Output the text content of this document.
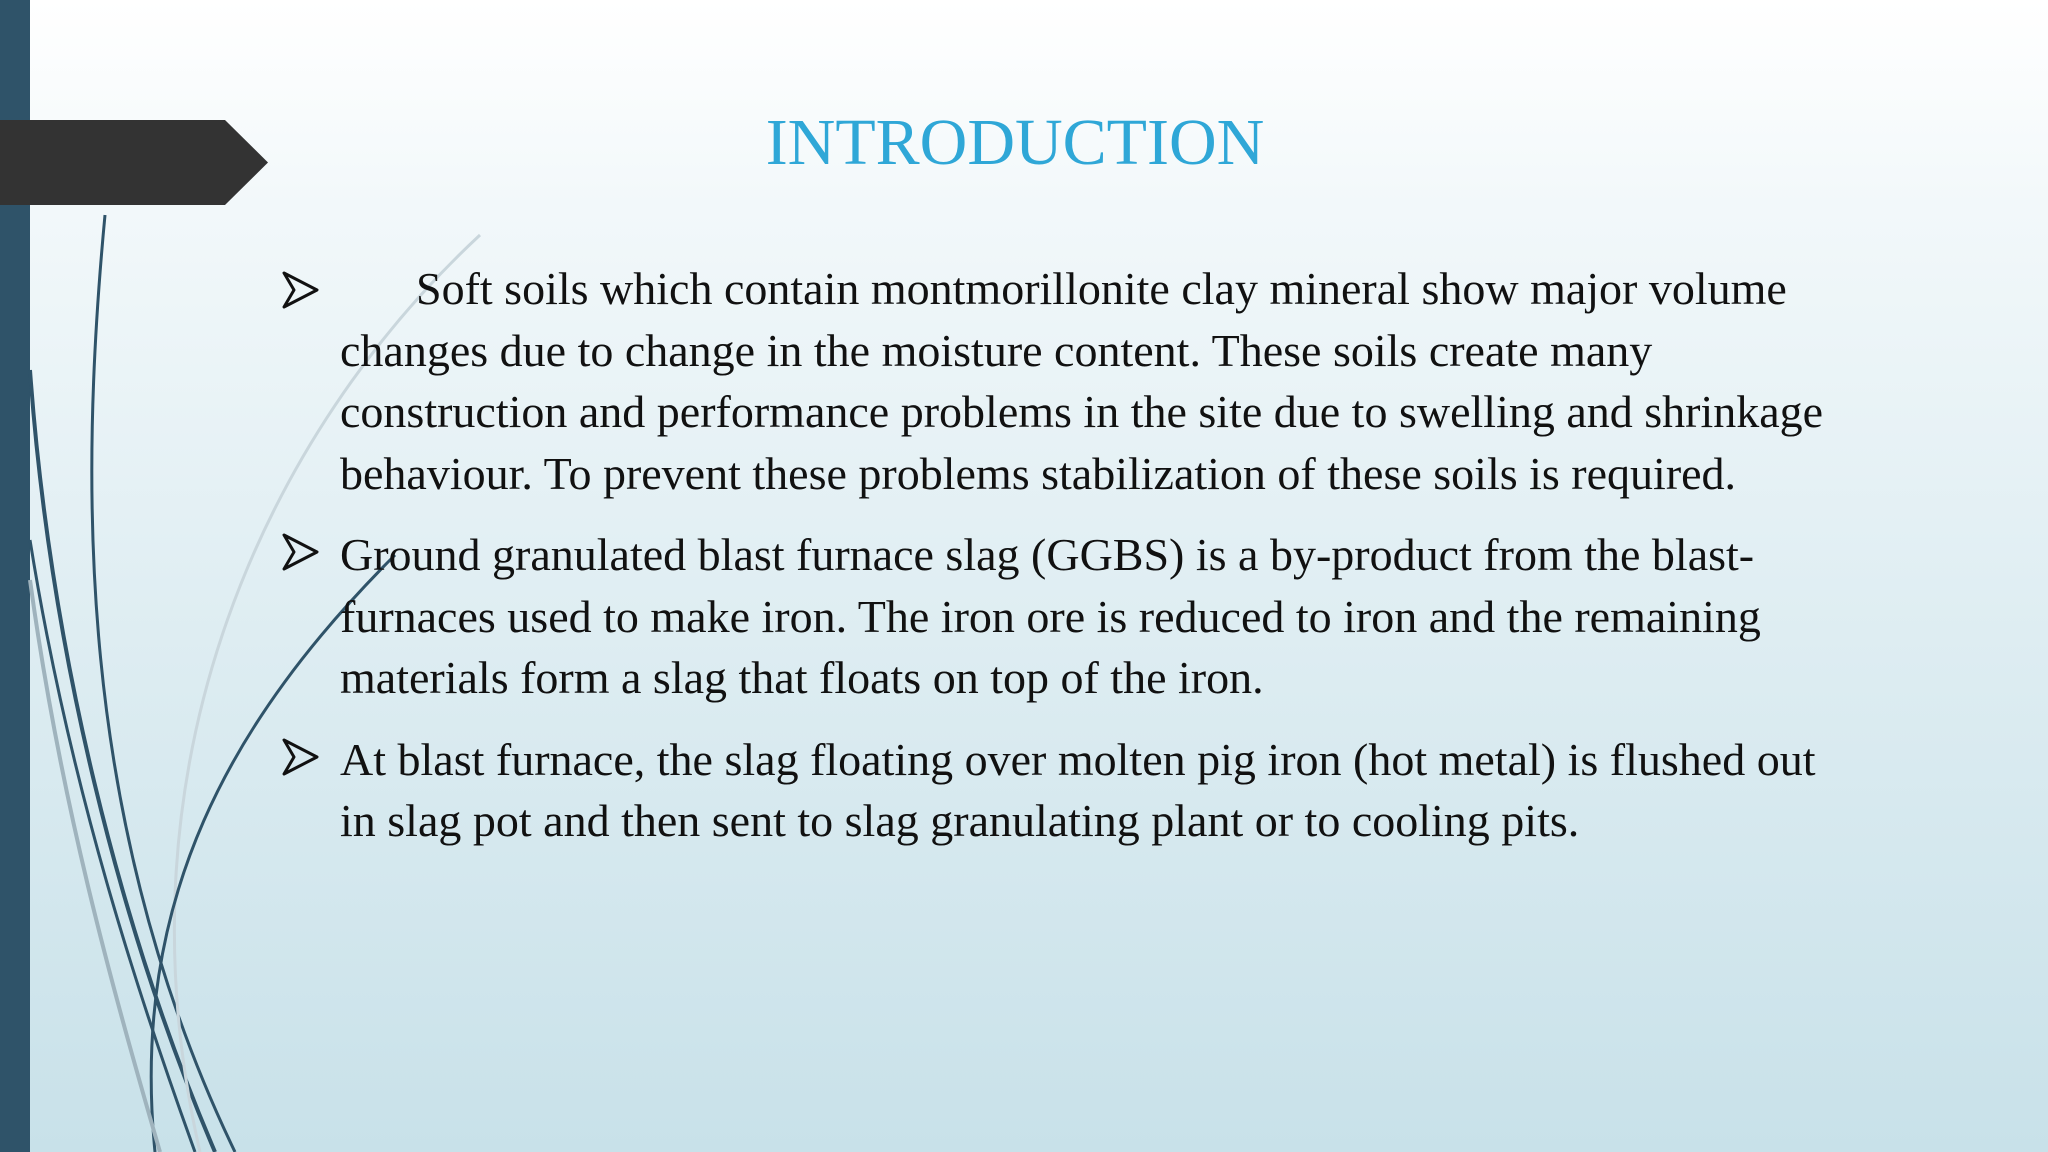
INTRODUCTION
Soft soils which contain montmorillonite clay mineral show major volume changes due to change in the moisture content. These soils create many construction and performance problems in the site due to swelling and shrinkage behaviour. To prevent these problems stabilization of these soils is required.
Ground granulated blast furnace slag (GGBS) is a by-product from the blast-furnaces used to make iron. The iron ore is reduced to iron and the remaining materials form a slag that floats on top of the iron.
At blast furnace, the slag floating over molten pig iron (hot metal) is flushed out in slag pot and then sent to slag granulating plant or to cooling pits.
